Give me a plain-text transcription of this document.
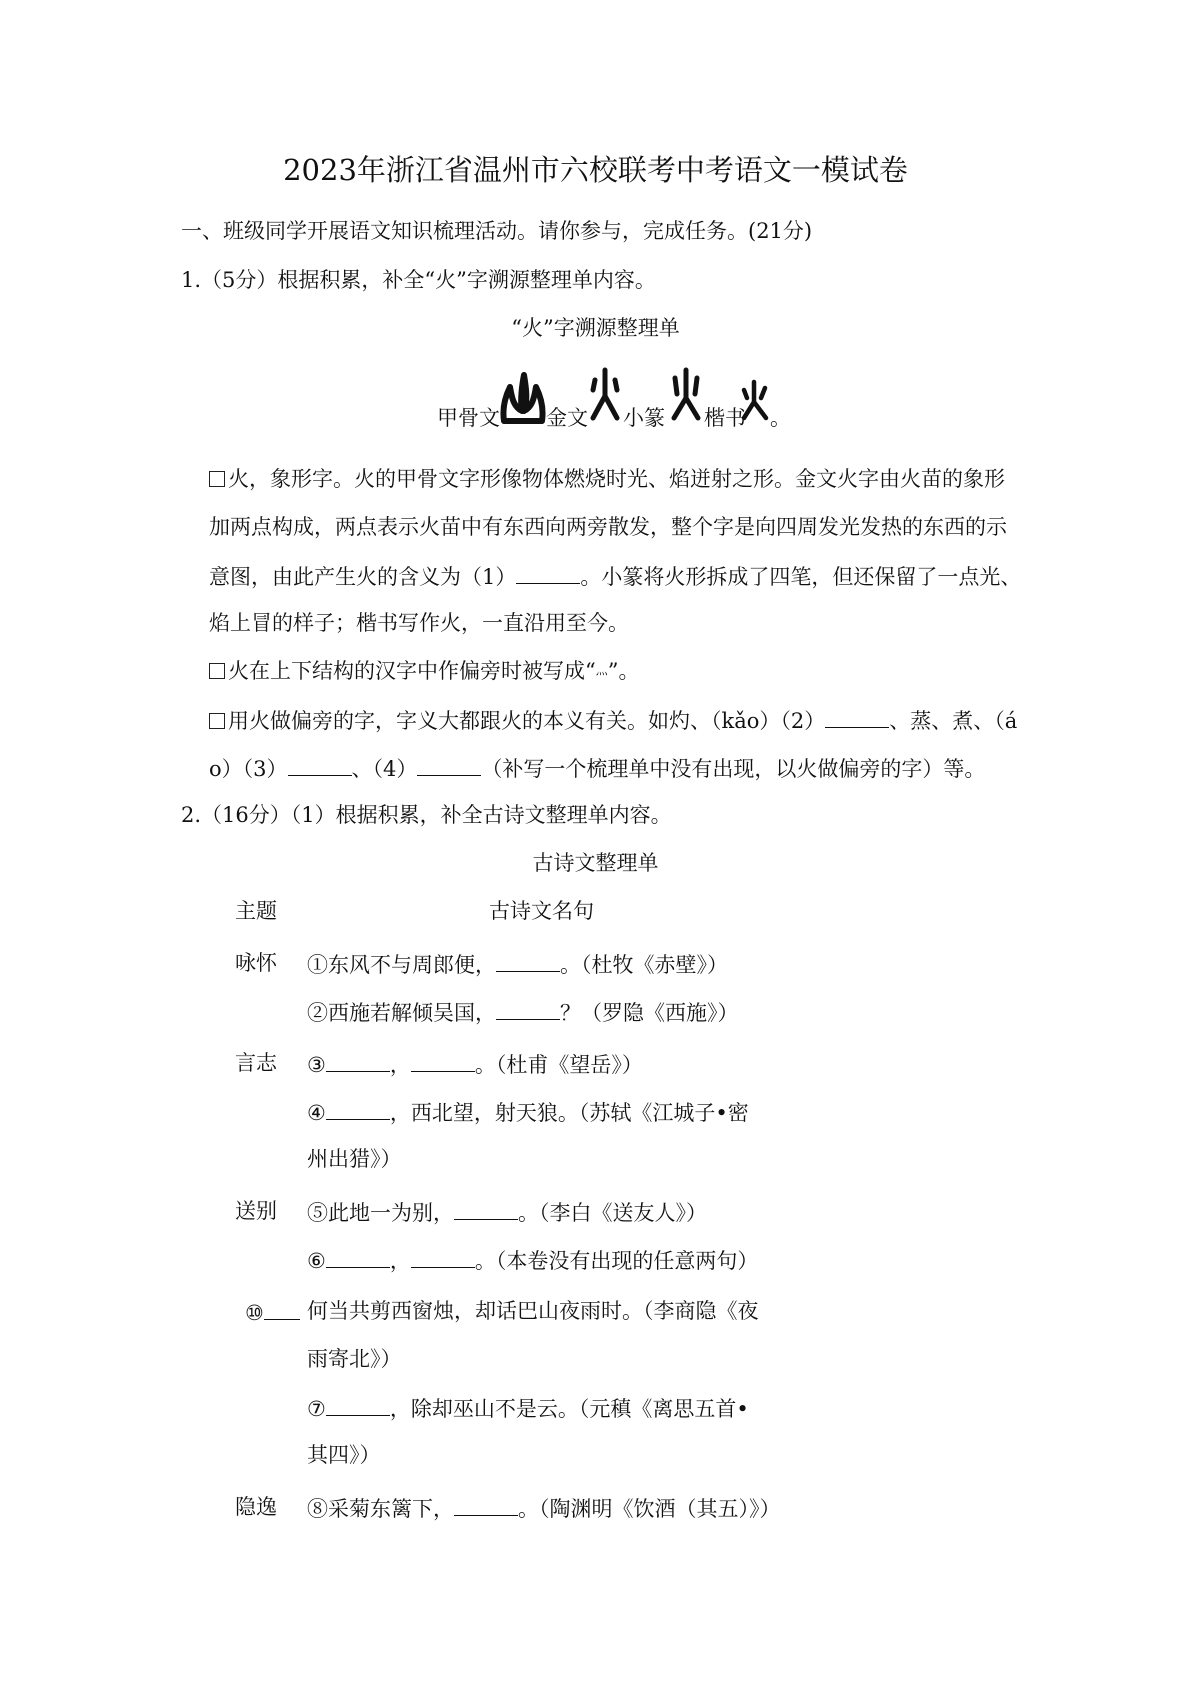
2023年浙江省温州市六校联考中考语文一模试卷
一、班级同学开展语文知识梳理活动。请你参与，完成任务。(21分)
1.（5分）根据积累，补全“火”字溯源整理单内容。
“火”字溯源整理单
甲骨文 金文 小篆 楷书 。
火，象形字。火的甲骨文字形像物体燃烧时光、焰迸射之形。金文火字由火苗的象形
加两点构成，两点表示火苗中有东西向两旁散发，整个字是向四周发光发热的东西的示
意图，由此产生火的含义为（1）	。小篆将火形拆成了四笔，但还保留了一点光、
焰上冒的样子；楷书写作火，一直沿用至今。
火在上下结构的汉字中作偏旁时被写成“灬”。
用火做偏旁的字，字义大都跟火的本义有关。如灼、（kǎo）（2）	、蒸、煮、（á
o）（3）	、（4）	（补写一个梳理单中没有出现，以火做偏旁的字）等。
2.（16分）（1）根据积累，补全古诗文整理单内容。
古诗文整理单
主题	古诗文名句
咏怀 ①东风不与周郎便，	。（杜牧《赤壁》）
②西施若解倾吴国，	？（罗隐《西施》）
言志 ③	，	。（杜甫《望岳》）
④	，西北望，射天狼。（苏轼《江城子•密
州出猎》）
送别 ⑤此地一为别，	。（李白《送友人》）
⑥	，	。（本卷没有出现的任意两句）
⑩	何当共剪西窗烛，却话巴山夜雨时。（李商隐《夜
雨寄北》）
⑦	，除却巫山不是云。（元稹《离思五首•
其四》）
隐逸 ⑧采菊东篱下，	。（陶渊明《饮酒（其五）》）
